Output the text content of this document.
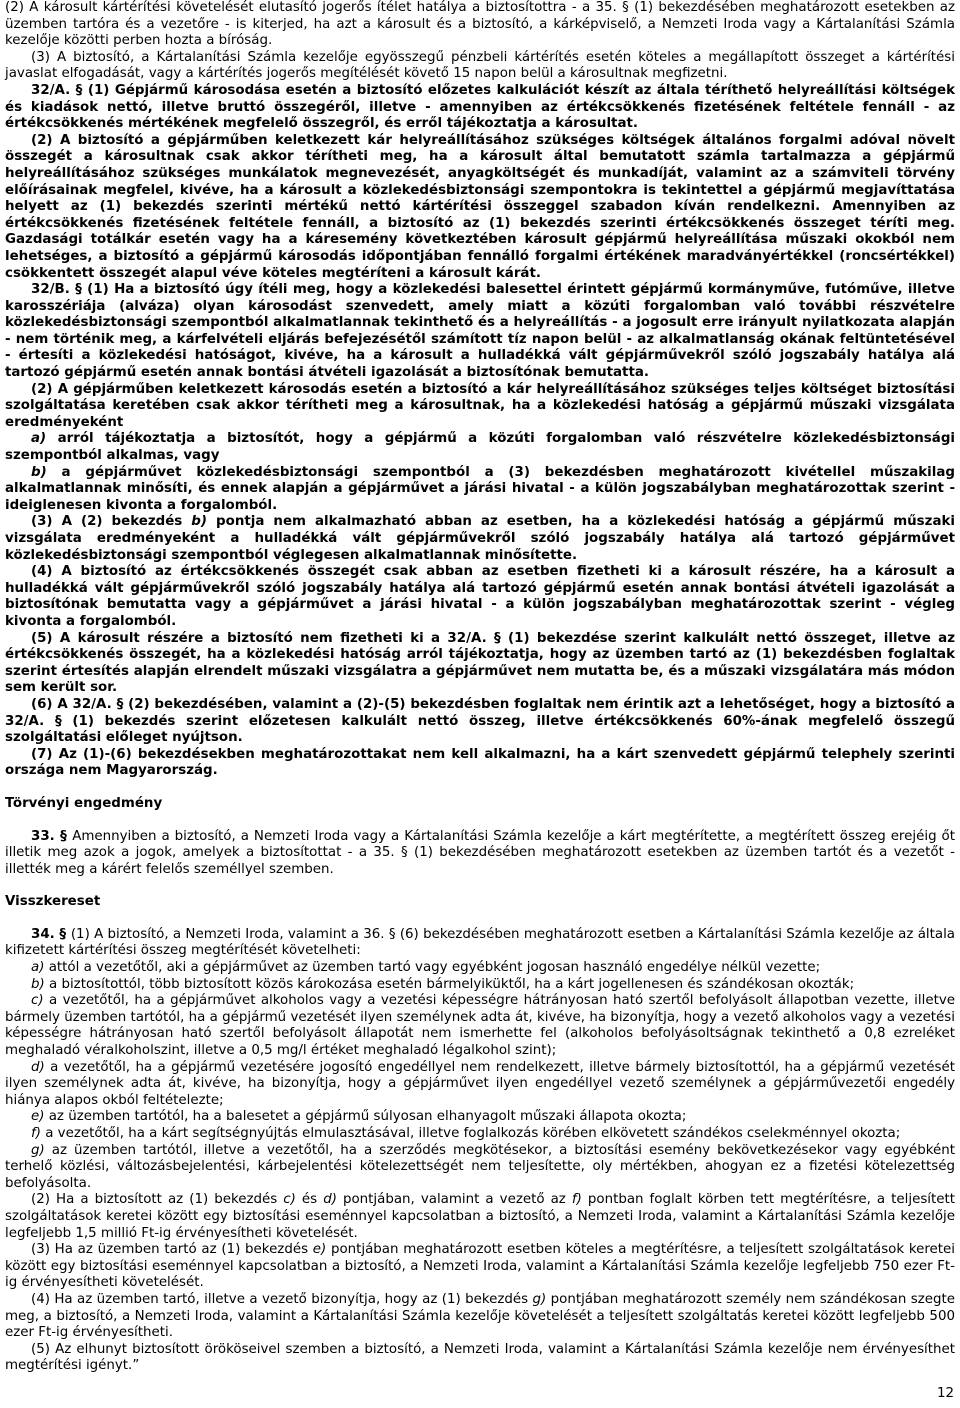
(2) A károsult kártérítési követelését elutasító jogerős ítélet hatálya a biztosítottra - a 35. § (1) bekezdésében meghatározott esetekben az üzemben tartóra és a vezetőre - is kiterjed, ha azt a károsult és a biztosító, a kárképviselő, a Nemzeti Iroda vagy a Kártalanítási Számla kezelője közötti perben hozta a bíróság.

(3) A biztosító, a Kártalanítási Számla kezelője egyösszegű pénzbeli kártérítés esetén köteles a megállapított összeget a kártérítési javaslat elfogadását, vagy a kártérítés jogerős megítélését követő 15 napon belül a károsultnak megfizetni.

32/A. § (1) Gépjármű károsodása esetén a biztosító előzetes kalkulációt készít az általa téríthető helyreállítási költségek és kiadások nettó, illetve bruttó összegéről, illetve - amennyiben az értékcsökkenés fizetésének feltétele fennáll - az értékcsökkenés mértékének megfelelő összegről, és erről tájékoztatja a károsultat.

(2) A biztosító a gépjárműben keletkezett kár helyreállításához szükséges költségek általános forgalmi adóval növelt összegét a károsultnak csak akkor térítheti meg, ha a károsult által bemutatott számla tartalmazza a gépjármű helyreállításához szükséges munkálatok megnevezését, anyagköltségét és munkadíját, valamint az a számviteli törvény előírásainak megfelel, kivéve, ha a károsult a közlekedésbiztonsági szempontokra is tekintettel a gépjármű megjavíttatása helyett az (1) bekezdés szerinti mértékű nettó kártérítési összeggel szabadon kíván rendelkezni. Amennyiben az értékcsökkenés fizetésének feltétele fennáll, a biztosító az (1) bekezdés szerinti értékcsökkenés összeget téríti meg. Gazdasági totálkár esetén vagy ha a káresemény következtében károsult gépjármű helyreállítása műszaki okokból nem lehetséges, a biztosító a gépjármű károsodás időpontjában fennálló forgalmi értékének maradványértékkel (roncsértékkel) csökkentett összegét alapul véve köteles megtéríteni a károsult kárát.

32/B. § (1) Ha a biztosító úgy ítéli meg, hogy a közlekedési balesettel érintett gépjármű kormányműve, futóműve, illetve karosszériája (alváza) olyan károsodást szenvedett, amely miatt a közúti forgalomban való további részvételre közlekedésbiztonsági szempontból alkalmatlannak tekinthető és a helyreállítás - a jogosult erre irányult nyilatkozata alapján - nem történik meg, a kárfelvételi eljárás befejezésétől számított tíz napon belül - az alkalmatlanság okának feltüntetésével - értesíti a közlekedési hatóságot, kivéve, ha a károsult a hulladékká vált gépjárművekről szóló jogszabály hatálya alá tartozó gépjármű esetén annak bontási átvételi igazolását a biztosítónak bemutatta.

(2) A gépjárműben keletkezett károsodás esetén a biztosító a kár helyreállításához szükséges teljes költséget biztosítási szolgáltatása keretében csak akkor térítheti meg a károsultnak, ha a közlekedési hatóság a gépjármű műszaki vizsgálata eredményeként

a) arról tájékoztatja a biztosítót, hogy a gépjármű a közúti forgalomban való részvételre közlekedésbiztonsági szempontból alkalmas, vagy

b) a gépjárművet közlekedésbiztonsági szempontból a (3) bekezdésben meghatározott kivétellel műszakilag alkalmatlannak minősíti, és ennek alapján a gépjárművet a járási hivatal - a külön jogszabályban meghatározottak szerint - ideiglenesen kivonta a forgalomból.

(3) A (2) bekezdés b) pontja nem alkalmazható abban az esetben, ha a közlekedési hatóság a gépjármű műszaki vizsgálata eredményeként a hulladékká vált gépjárművekről szóló jogszabály hatálya alá tartozó gépjárművet közlekedésbiztonsági szempontból véglegesen alkalmatlannak minősítette.

(4) A biztosító az értékcsökkenés összegét csak abban az esetben fizetheti ki a károsult részére, ha a károsult a hulladékká vált gépjárművekről szóló jogszabály hatálya alá tartozó gépjármű esetén annak bontási átvételi igazolását a biztosítónak bemutatta vagy a gépjárművet a járási hivatal - a külön jogszabályban meghatározottak szerint - végleg kivonta a forgalomból.

(5) A károsult részére a biztosító nem fizetheti ki a 32/A. § (1) bekezdése szerint kalkulált nettó összeget, illetve az értékcsökkenés összegét, ha a közlekedési hatóság arról tájékoztatja, hogy az üzemben tartó az (1) bekezdésben foglaltak szerint értesítés alapján elrendelt műszaki vizsgálatra a gépjárművet nem mutatta be, és a műszaki vizsgálatára más módon sem került sor.

(6) A 32/A. § (2) bekezdésében, valamint a (2)-(5) bekezdésben foglaltak nem érintik azt a lehetőséget, hogy a biztosító a 32/A. § (1) bekezdés szerint előzetesen kalkulált nettó összeg, illetve értékcsökkenés 60%-ának megfelelő összegű szolgáltatási előleget nyújtson.

(7) Az (1)-(6) bekezdésekben meghatározottakat nem kell alkalmazni, ha a kárt szenvedett gépjármű telephely szerinti országa nem Magyarország.

Törvényi engedmény

33. § Amennyiben a biztosító, a Nemzeti Iroda vagy a Kártalanítási Számla kezelője a kárt megtérítette, a megtérített összeg erejéig őt illetik meg azok a jogok, amelyek a biztosítottat - a 35. § (1) bekezdésében meghatározott esetekben az üzemben tartót és a vezetőt - illették meg a kárért felelős személlyel szemben.

Visszkereset

34. § (1) A biztosító, a Nemzeti Iroda, valamint a 36. § (6) bekezdésében meghatározott esetben a Kártalanítási Számla kezelője az általa kifizetett kártérítési összeg megtérítését követelheti:

a) attól a vezetőtől, aki a gépjárművet az üzemben tartó vagy egyébként jogosan használó engedélye nélkül vezette;

b) a biztosítottól, több biztosított közös károkozása esetén bármelyiküktől, ha a kárt jogellenesen és szándékosan okozták;

c) a vezetőtől, ha a gépjárművet alkoholos vagy a vezetési képességre hátrányosan ható szertől befolyásolt állapotban vezette, illetve bármely üzemben tartótól, ha a gépjármű vezetését ilyen személynek adta át, kivéve, ha bizonyítja, hogy a vezető alkoholos vagy a vezetési képességre hátrányosan ható szertől befolyásolt állapotát nem ismerhette fel (alkoholos befolyásoltságnak tekinthető a 0,8 ezreléket meghaladó véralkoholszint, illetve a 0,5 mg/l értéket meghaladó légalkohol szint);

d) a vezetőtől, ha a gépjármű vezetésére jogosító engedéllyel nem rendelkezett, illetve bármely biztosítottól, ha a gépjármű vezetését ilyen személynek adta át, kivéve, ha bizonyítja, hogy a gépjárművet ilyen engedéllyel vezető személynek a gépjárművezetői engedély hiánya alapos okból feltételezte;

e) az üzemben tartótól, ha a balesetet a gépjármű súlyosan elhanyagolt műszaki állapota okozta;

f) a vezetőtől, ha a kárt segítségnyújtás elmulasztásával, illetve foglalkozás körében elkövetett szándékos cselekménnyel okozta;

g) az üzemben tartótól, illetve a vezetőtől, ha a szerződés megkötésekor, a biztosítási esemény bekövetkezésekor vagy egyébként terhelő közlési, változásbejelentési, kárbejelentési kötelezettségét nem teljesítette, oly mértékben, ahogyan ez a fizetési kötelezettség befolyásolta.

(2) Ha a biztosított az (1) bekezdés c) és d) pontjában, valamint a vezető az f) pontban foglalt körben tett megtérítésre, a teljesített szolgáltatások keretei között egy biztosítási eseménnyel kapcsolatban a biztosító, a Nemzeti Iroda, valamint a Kártalanítási Számla kezelője legfeljebb 1,5 millió Ft-ig érvényesítheti követelését.

(3) Ha az üzemben tartó az (1) bekezdés e) pontjában meghatározott esetben köteles a megtérítésre, a teljesített szolgáltatások keretei között egy biztosítási eseménnyel kapcsolatban a biztosító, a Nemzeti Iroda, valamint a Kártalanítási Számla kezelője legfeljebb 750 ezer Ft-ig érvényesítheti követelését.

(4) Ha az üzemben tartó, illetve a vezető bizonyítja, hogy az (1) bekezdés g) pontjában meghatározott személy nem szándékosan szegte meg, a biztosító, a Nemzeti Iroda, valamint a Kártalanítási Számla kezelője követelését a teljesített szolgáltatás keretei között legfeljebb 500 ezer Ft-ig érvényesítheti.

(5) Az elhunyt biztosított örököseivel szemben a biztosító, a Nemzeti Iroda, valamint a Kártalanítási Számla kezelője nem érvényesíthet megtérítési igényt.”

12
